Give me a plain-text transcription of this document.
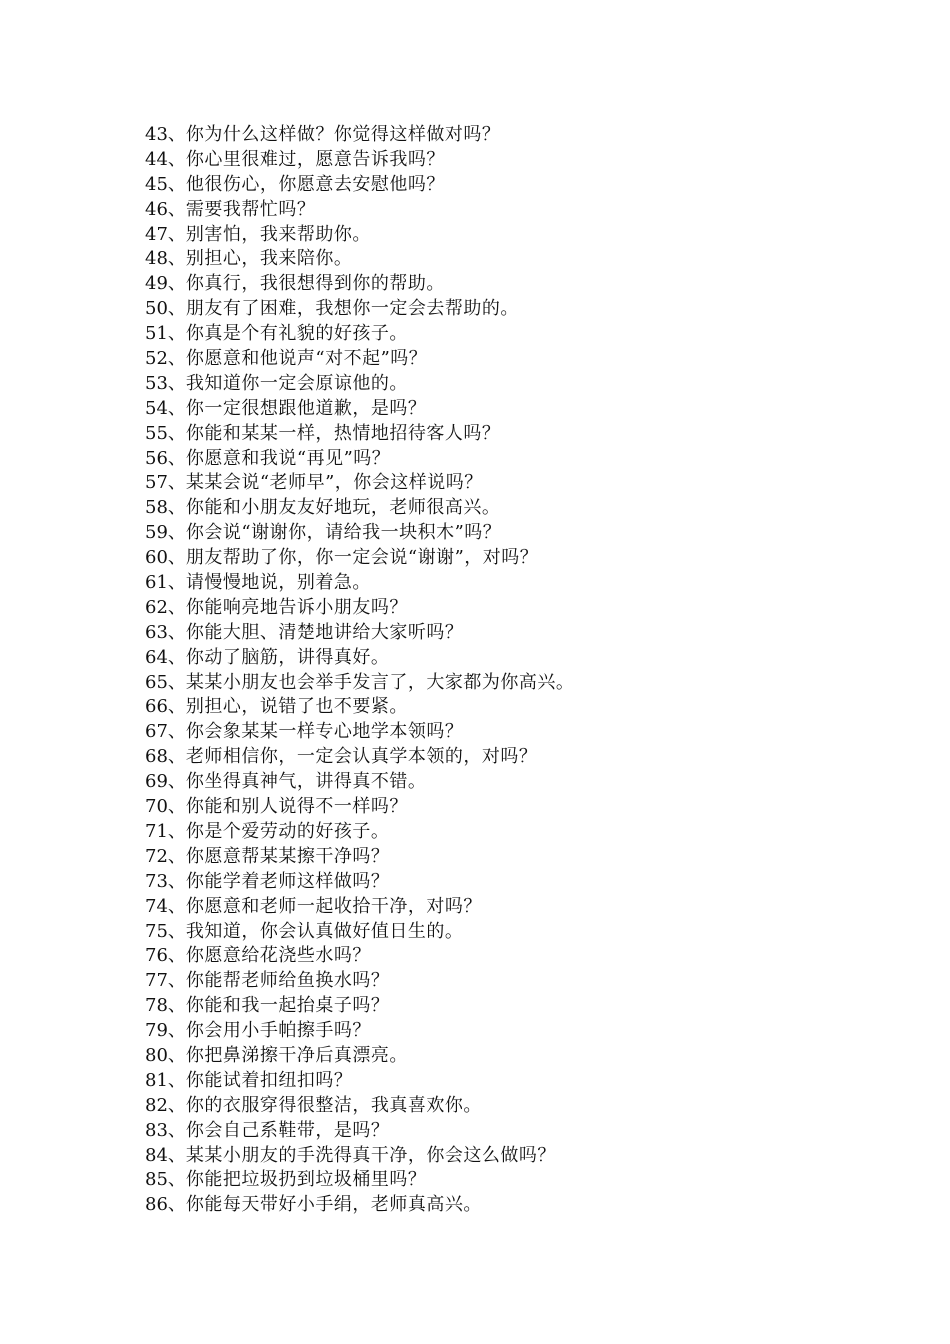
43 、 你为什么这样做？你觉得这样做对吗？
44 、 你心里很难过，愿意告诉我吗？
45 、 他很伤心，你愿意去安慰他吗？
46 、 需要我帮忙吗？
47 、 别害怕，我来帮助你。
48 、 别担心，我来陪你。
49 、 你真行，我很想得到你的帮助。
50 、 朋友有了困难，我想你一定会去帮助的。
51 、 你真是个有礼貌的好孩子。
52 、 你愿意和他说声“对不起”吗？
53 、 我知道你一定会原谅他的。
54 、 你一定很想跟他道歉，是吗？
55 、 你能和某某一样，热情地招待客人吗？
56 、 你愿意和我说“再见”吗？
57 、 某某会说“老师早”，你会这样说吗？
58 、 你能和小朋友友好地玩，老师很高兴。
59 、 你会说“谢谢你，请给我一块积木”吗？
60 、 朋友帮助了你，你一定会说“谢谢”，对吗？
61 、 请慢慢地说，别着急。
62 、 你能响亮地告诉小朋友吗？
63 、 你能大胆、清楚地讲给大家听吗？
64 、 你动了脑筋，讲得真好。
65 、 某某小朋友也会举手发言了，大家都为你高兴。
66 、 别担心，说错了也不要紧。
67 、 你会象某某一样专心地学本领吗？
68 、 老师相信你，一定会认真学本领的，对吗？
69 、 你坐得真神气，讲得真不错。
70 、 你能和别人说得不一样吗？
71 、 你是个爱劳动的好孩子。
72 、 你愿意帮某某擦干净吗？
73 、 你能学着老师这样做吗？
74 、 你愿意和老师一起收拾干净，对吗？
75 、 我知道，你会认真做好值日生的。
76 、 你愿意给花浇些水吗？
77 、 你能帮老师给鱼换水吗？
78 、 你能和我一起抬桌子吗？
79 、 你会用小手帕擦手吗？
80 、 你把鼻涕擦干净后真漂亮。
81 、 你能试着扣纽扣吗？
82 、 你的衣服穿得很整洁，我真喜欢你。
83 、 你会自己系鞋带，是吗？
84 、 某某小朋友的手洗得真干净，你会这么做吗？
85 、 你能把垃圾扔到垃圾桶里吗？
86 、 你能每天带好小手绢，老师真高兴。
